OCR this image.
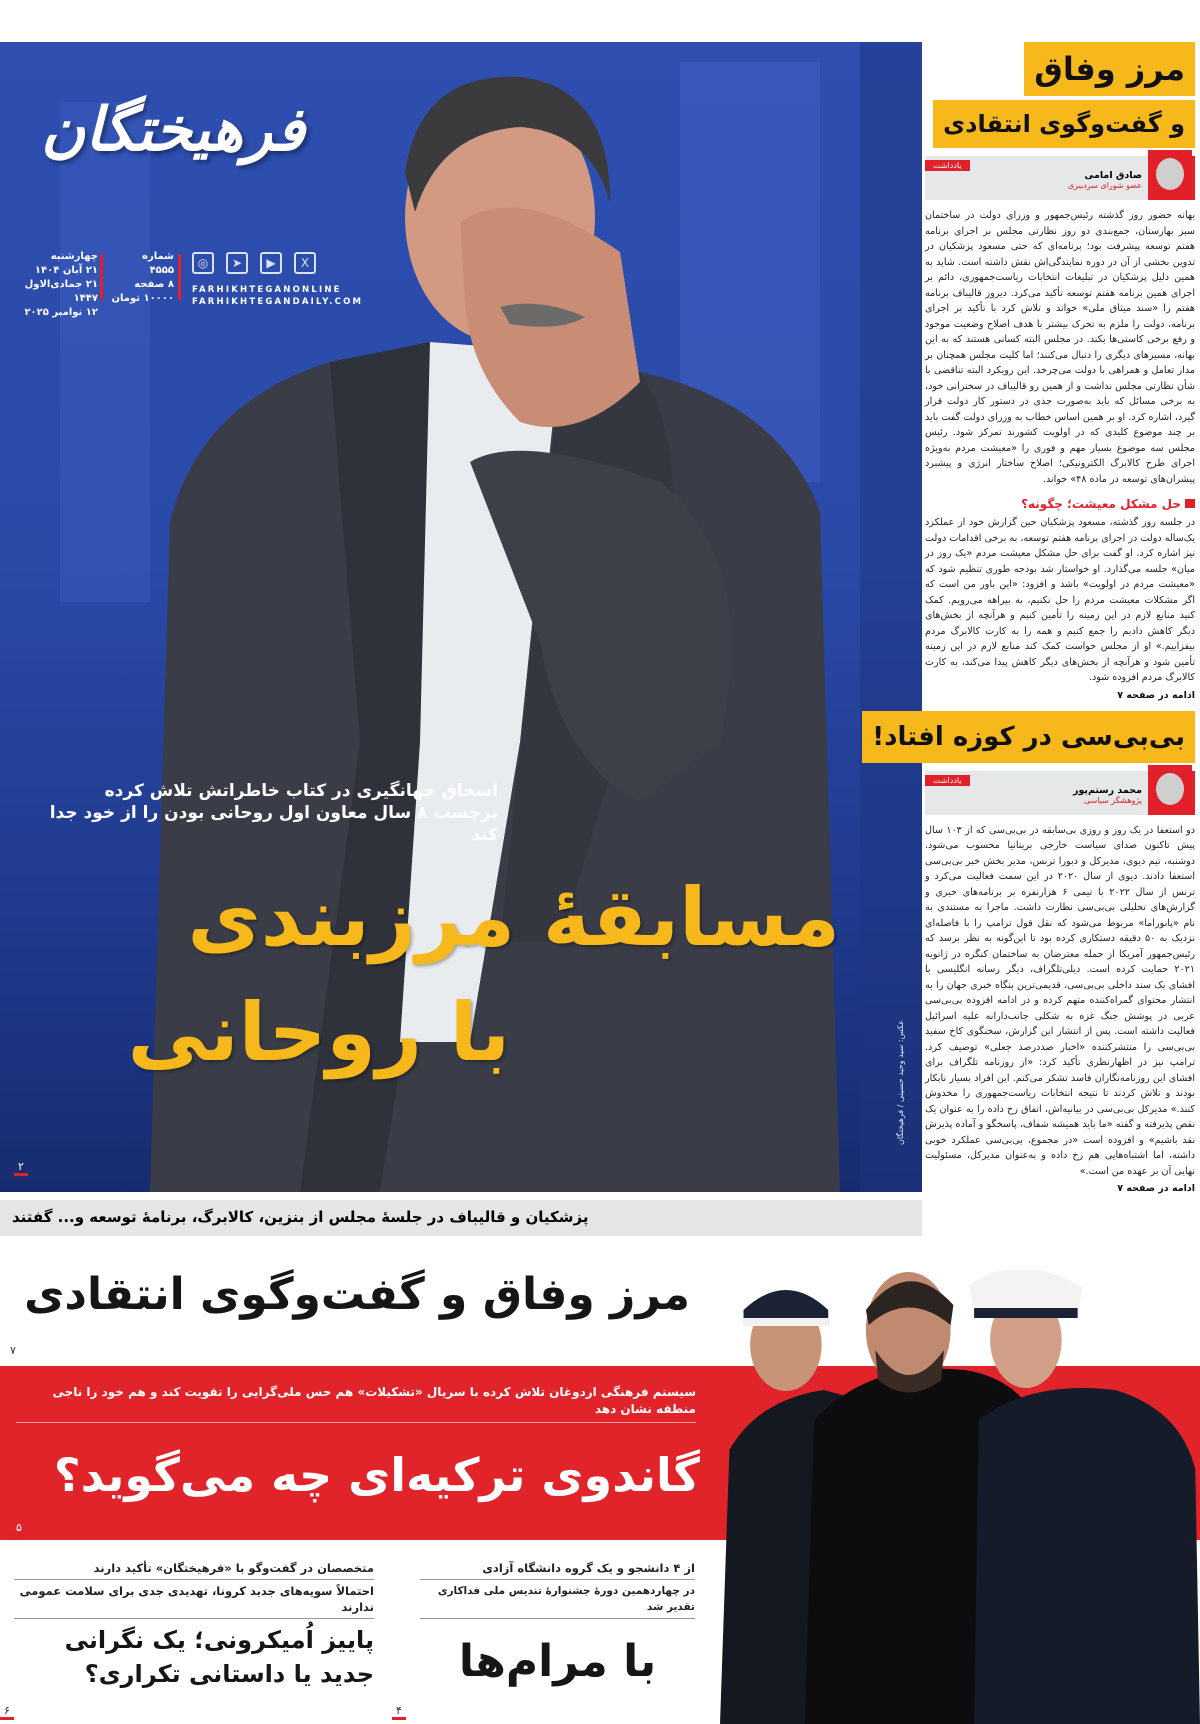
فرهیختگان
چهارشنبه
۲۱ آبان ۱۴۰۴
۲۱ جمادی‌الاول ۱۴۴۷
۱۲ نوامبر ۲۰۲۵
شماره
۴۵۵۵
۸ صفحه
۱۰۰۰۰ تومان
◎	➤	▶	X
FARHIKHTEGANONLINE
FARHIKHTEGANDAILY.COM
اسحاق جهانگیری در کتاب خاطراتش تلاش کرده
برچسب ۸ سال معاون اول روحانی بودن را از خود جدا کند
مسابقهٔ مرزبندی
با روحانی
۲
عکس: سید وحید حسینی / فرهیختگان
پزشکیان و قالیباف در جلسهٔ مجلس از بنزین، کالابرگ، برنامهٔ توسعه و... گفتند
مرز وفاق و گفت‌وگوی انتقادی
۷
سیستم فرهنگی اردوغان تلاش کرده با سریال «تشکیلات» هم حس ملی‌گرایی را تقویت کند و هم خود را ناجی منطقه نشان دهد
گاندوی ترکیه‌ای چه می‌گوید؟
۵
متخصصان در گفت‌وگو با «فرهیختگان» تأکید دارند
احتمالاً سویه‌های جدید کرونا، تهدیدی جدی برای سلامت عمومی ندارند
پاییز اُمیکرونی؛ یک نگرانی
جدید یا داستانی تکراری؟
۶
از ۴ دانشجو و یک گروه دانشگاه آزادی
در چهاردهمین دورهٔ جشنوارهٔ تندیس ملی فداکاری تقدیر شد
با مرام‌ها
۴
مرز وفاق
و گفت‌وگوی انتقادی
یادداشت
صادق امامی
عضو شورای سردبیری
بهانه حضور روز گذشته رئیس‌جمهور و وزرای دولت در ساختمان سبز بهارستان، جمع‌بندی دو روز نظارتی مجلس بر اجرای برنامه هفتم توسعه پیشرفت بود؛ برنامه‌ای که حتی مسعود پزشکیان در تدوین بخشی از آن در دوره نمایندگی‌اش نقش داشته است. شاید به همین دلیل پزشکیان در تبلیغات انتخابات ریاست‌جمهوری، دائم بر اجرای همین برنامه هفتم توسعه تأکید می‌کرد. دیروز قالیباف برنامه هفتم را «سند میثاق ملی» خواند و تلاش کرد با تأکید بر اجرای برنامه، دولت را ملزم به تحرک بیشتر با هدف اصلاح وضعیت موجود و رفع برخی کاستی‌ها بکند. در مجلس البته کسانی هستند که به این بهانه، مسیرهای دیگری را دنبال می‌کنند؛ اما کلیت مجلس همچنان بر مدار تعامل و همراهی با دولت می‌چرخد. این رویکرد البته تناقضی با شأن نظارتی مجلس نداشت و از همین رو قالیباف در سخنرانی خود، به برخی مسائل که باید به‌صورت جدی در دستور کار دولت قرار گیرد، اشاره کرد. او بر همین اساس خطاب به وزرای دولت گفت باید بر چند موضوع کلیدی که در اولویت کشورند تمرکز شود. رئیس مجلس سه موضوع بسیار مهم و فوری را «معیشت مردم به‌ویژه اجرای طرح کالابرگ الکترونیکی؛ اصلاح ساختار انرژی و پیشبرد پیشران‌های توسعه در ماده ۴۸» خواند.
حل مشکل معیشت؛ چگونه؟
در جلسه روز گذشته، مسعود پزشکیان حین گزارش خود از عملکرد یک‌ساله دولت در اجرای برنامه هفتم توسعه، به برخی اقدامات دولت نیز اشاره کرد. او گفت برای حل مشکل معیشت مردم «یک روز در میان» جلسه می‌گذارد. او خواستار شد بودجه طوری تنظیم شود که «معیشت مردم در اولویت» باشد و افزود: «این باور من است که اگر مشکلات معیشت مردم را حل نکنیم، به بیراهه می‌رویم. کمک کنید منابع لازم در این زمینه را تأمین کنیم و هرآنچه از بخش‌های دیگر کاهش دادیم را جمع کنیم و همه را به کارت کالابرگ مردم بیفزاییم.» او از مجلس خواست کمک کند منابع لازم در این زمینه تأمین شود و هرآنچه از بخش‌های دیگر کاهش پیدا می‌کند، به کارت کالابرگ مردم افزوده شود.
ادامه در صفحه ۷
بی‌بی‌سی در کوزه افتاد!
یادداشت
محمد رستم‌پور
پژوهشگر سیاسی
دو استعفا در یک روز و روزی بی‌سابقه در بی‌بی‌سی که از ۱۰۳ سال پیش تاکنون صدای سیاست خارجی بریتانیا محسوب می‌شود. دوشنبه، تیم دیوی، مدیرکل و دبورا ترنس، مدیر بخش خبر بی‌بی‌سی استعفا دادند. دیوی از سال ۲۰۲۰ در این سمت فعالیت می‌کرد و ترنس از سال ۲۰۲۲ با تیمی ۶ هزارنفره بر برنامه‌های خبری و گزارش‌های تحلیلی بی‌بی‌سی نظارت داشت. ماجرا به مستندی به نام «پانوراما» مربوط می‌شود که نقل قول ترامپ را با فاصله‌ای نزدیک به ۵۰ دقیقه دستکاری کرده بود تا این‌گونه به نظر برسد که رئیس‌جمهور آمریکا از حمله معترضان به ساختمان کنگره در ژانویه ۲۰۲۱ حمایت کرده است. دیلی‌تلگراف، دیگر رسانه انگلیسی با افشای یک سند داخلی بی‌بی‌سی، قدیمی‌ترین بنگاه خبری جهان را به انتشار محتوای گمراه‌کننده متهم کرده و در ادامه افزوده بی‌بی‌سی عربی در پوشش جنگ غزه به شکلی جانب‌دارانه علیه اسرائیل فعالیت داشته است. پس از انتشار این گزارش، سخنگوی کاخ سفید بی‌بی‌سی را منتشرکننده «اخبار صددرصد جعلی» توصیف کرد. ترامپ نیز در اظهارنظری تأکید کرد: «از روزنامه تلگراف برای افشای این روزنامه‌نگاران فاسد تشکر می‌کنم. این افراد بسیار نابکار بودند و تلاش کردند تا نتیجه انتخابات ریاست‌جمهوری را مخدوش کنند.» مدیرکل بی‌بی‌سی در بیانیه‌اش، اتفاق رخ داده را به عنوان یک نقص پذیرفته و گفته «ما باید همیشه شفاف، پاسخگو و آماده پذیرش نقد باشیم» و افزوده است «در مجموع، بی‌بی‌سی عملکرد خوبی داشته، اما اشتباه‌هایی هم رخ داده و به‌عنوان مدیرکل، مسئولیت نهایی آن بر عهده من است.»
ادامه در صفحه ۷
